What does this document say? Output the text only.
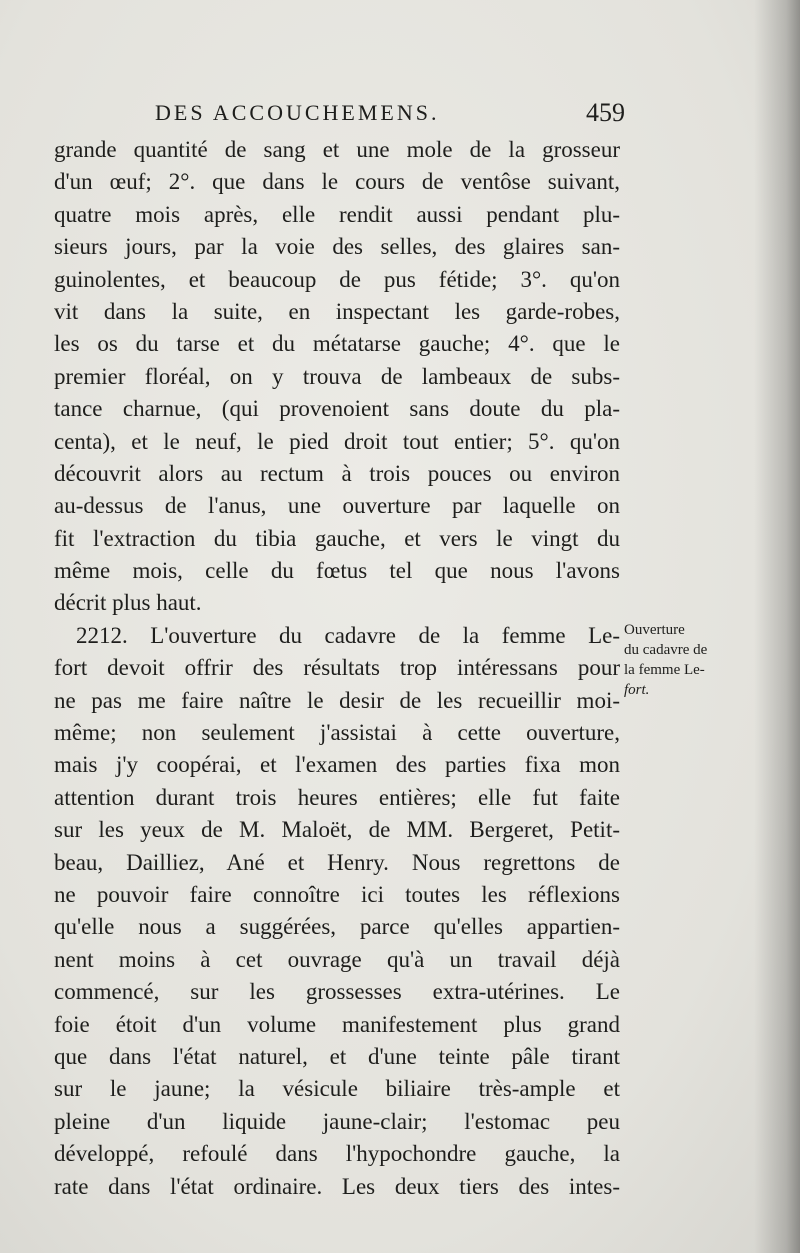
DES ACCOUCHEMENS.	459
grande quantité de sang et une mole de la grosseur
d'un œuf; 2°. que dans le cours de ventôse suivant,
quatre mois après, elle rendit aussi pendant plu-
sieurs jours, par la voie des selles, des glaires san-
guinolentes, et beaucoup de pus fétide; 3°. qu'on
vit dans la suite, en inspectant les garde-robes,
les os du tarse et du métatarse gauche; 4°. que le
premier floréal, on y trouva de lambeaux de subs-
tance charnue, (qui provenoient sans doute du pla-
centa), et le neuf, le pied droit tout entier; 5°. qu'on
découvrit alors au rectum à trois pouces ou environ
au-dessus de l'anus, une ouverture par laquelle on
fit l'extraction du tibia gauche, et vers le vingt du
même mois, celle du fœtus tel que nous l'avons
décrit plus haut.
2212. L'ouverture du cadavre de la femme Le-
fort devoit offrir des résultats trop intéressans pour
ne pas me faire naître le desir de les recueillir moi-
même; non seulement j'assistai à cette ouverture,
mais j'y coopérai, et l'examen des parties fixa mon
attention durant trois heures entières; elle fut faite
sur les yeux de M. Maloët, de MM. Bergeret, Petit-
beau, Dailliez, Ané et Henry. Nous regrettons de
ne pouvoir faire connoître ici toutes les réflexions
qu'elle nous a suggérées, parce qu'elles appartien-
nent moins à cet ouvrage qu'à un travail déjà
commencé, sur les grossesses extra-utérines. Le
foie étoit d'un volume manifestement plus grand
que dans l'état naturel, et d'une teinte pâle tirant
sur le jaune; la vésicule biliaire très-ample et
pleine d'un liquide jaune-clair; l'estomac peu
développé, refoulé dans l'hypochondre gauche, la
rate dans l'état ordinaire. Les deux tiers des intes-
Ouverture
du cadavre de
la femme Le-
fort.
